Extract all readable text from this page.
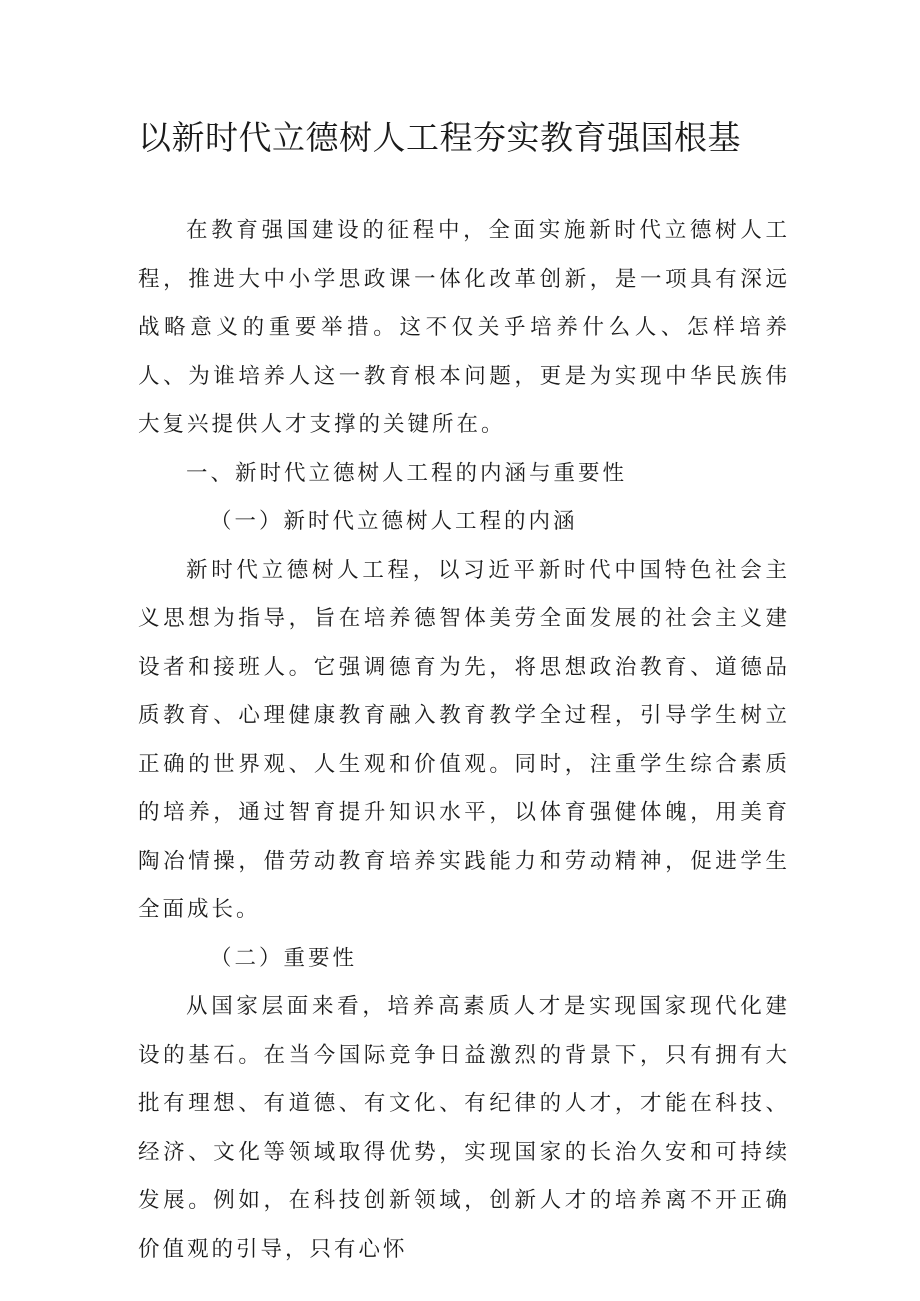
以新时代立德树人工程夯实教育强国根基

在教育强国建设的征程中，全面实施新时代立德树人工程，推进大中小学思政课一体化改革创新，是一项具有深远战略意义的重要举措。这不仅关乎培养什么人、怎样培养人、为谁培养人这一教育根本问题，更是为实现中华民族伟大复兴提供人才支撑的关键所在。

一、新时代立德树人工程的内涵与重要性

（一）新时代立德树人工程的内涵

新时代立德树人工程，以习近平新时代中国特色社会主义思想为指导，旨在培养德智体美劳全面发展的社会主义建设者和接班人。它强调德育为先，将思想政治教育、道德品质教育、心理健康教育融入教育教学全过程，引导学生树立正确的世界观、人生观和价值观。同时，注重学生综合素质的培养，通过智育提升知识水平，以体育强健体魄，用美育陶冶情操，借劳动教育培养实践能力和劳动精神，促进学生全面成长。

（二）重要性

从国家层面来看，培养高素质人才是实现国家现代化建设的基石。在当今国际竞争日益激烈的背景下，只有拥有大批有理想、有道德、有文化、有纪律的人才，才能在科技、经济、文化等领域取得优势，实现国家的长治久安和可持续发展。例如，在科技创新领域，创新人才的培养离不开正确价值观的引导，只有心怀
